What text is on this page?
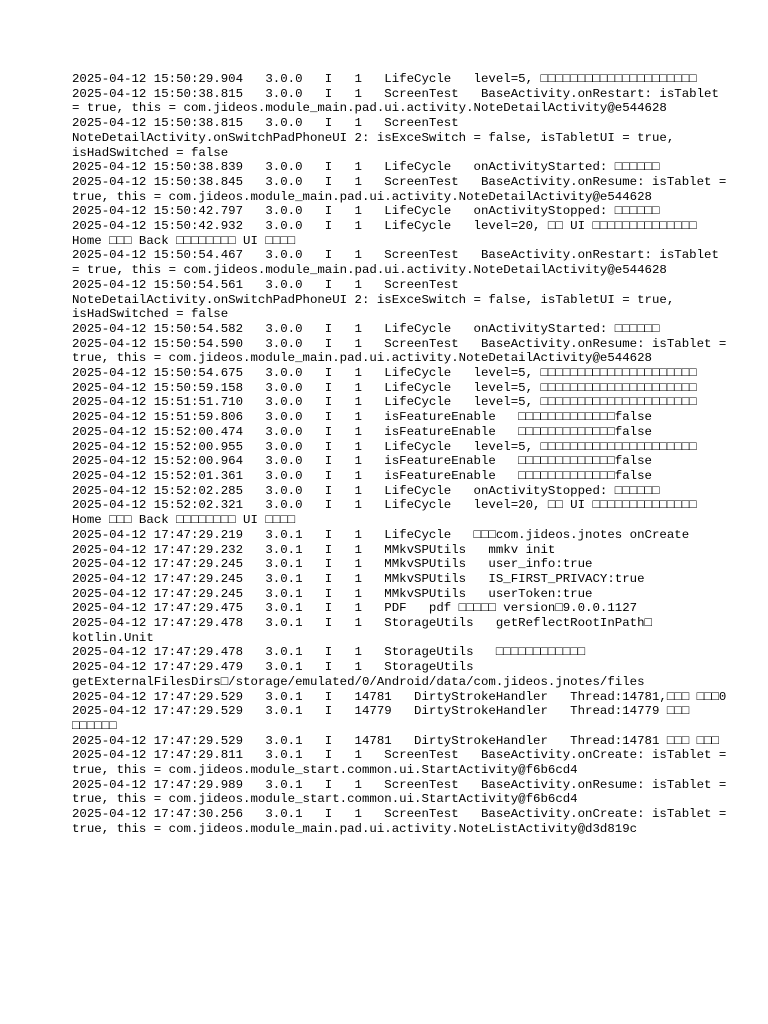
2025-04-12 15:50:29.904   3.0.0   I   1   LifeCycle   level=5, □□□□□□□□□□□□□□□□□□□□□
2025-04-12 15:50:38.815   3.0.0   I   1   ScreenTest   BaseActivity.onRestart: isTablet = true, this = com.jideos.module_main.pad.ui.activity.NoteDetailActivity@e544628
2025-04-12 15:50:38.815   3.0.0   I   1   ScreenTest NoteDetailActivity.onSwitchPadPhoneUI 2: isExceSwitch = false, isTabletUI = true, isHadSwitched = false
2025-04-12 15:50:38.839   3.0.0   I   1   LifeCycle   onActivityStarted: □□□□□□
2025-04-12 15:50:38.845   3.0.0   I   1   ScreenTest   BaseActivity.onResume: isTablet = true, this = com.jideos.module_main.pad.ui.activity.NoteDetailActivity@e544628
2025-04-12 15:50:42.797   3.0.0   I   1   LifeCycle   onActivityStopped: □□□□□□
2025-04-12 15:50:42.932   3.0.0   I   1   LifeCycle   level=20, □□ UI □□□□□□□□□□□□□□ Home □□□ Back □□□□□□□□ UI □□□□
2025-04-12 15:50:54.467   3.0.0   I   1   ScreenTest   BaseActivity.onRestart: isTablet = true, this = com.jideos.module_main.pad.ui.activity.NoteDetailActivity@e544628
2025-04-12 15:50:54.561   3.0.0   I   1   ScreenTest NoteDetailActivity.onSwitchPadPhoneUI 2: isExceSwitch = false, isTabletUI = true, isHadSwitched = false
2025-04-12 15:50:54.582   3.0.0   I   1   LifeCycle   onActivityStarted: □□□□□□
2025-04-12 15:50:54.590   3.0.0   I   1   ScreenTest   BaseActivity.onResume: isTablet = true, this = com.jideos.module_main.pad.ui.activity.NoteDetailActivity@e544628
2025-04-12 15:50:54.675   3.0.0   I   1   LifeCycle   level=5, □□□□□□□□□□□□□□□□□□□□□
2025-04-12 15:50:59.158   3.0.0   I   1   LifeCycle   level=5, □□□□□□□□□□□□□□□□□□□□□
2025-04-12 15:51:51.710   3.0.0   I   1   LifeCycle   level=5, □□□□□□□□□□□□□□□□□□□□□
2025-04-12 15:51:59.806   3.0.0   I   1   isFeatureEnable   □□□□□□□□□□□□□false
2025-04-12 15:52:00.474   3.0.0   I   1   isFeatureEnable   □□□□□□□□□□□□□false
2025-04-12 15:52:00.955   3.0.0   I   1   LifeCycle   level=5, □□□□□□□□□□□□□□□□□□□□□
2025-04-12 15:52:00.964   3.0.0   I   1   isFeatureEnable   □□□□□□□□□□□□□false
2025-04-12 15:52:01.361   3.0.0   I   1   isFeatureEnable   □□□□□□□□□□□□□false
2025-04-12 15:52:02.285   3.0.0   I   1   LifeCycle   onActivityStopped: □□□□□□
2025-04-12 15:52:02.321   3.0.0   I   1   LifeCycle   level=20, □□ UI □□□□□□□□□□□□□□ Home □□□ Back □□□□□□□□ UI □□□□
2025-04-12 17:47:29.219   3.0.1   I   1   LifeCycle   □□□com.jideos.jnotes onCreate
2025-04-12 17:47:29.232   3.0.1   I   1   MMkvSPUtils   mmkv init
2025-04-12 17:47:29.245   3.0.1   I   1   MMkvSPUtils   user_info:true
2025-04-12 17:47:29.245   3.0.1   I   1   MMkvSPUtils   IS_FIRST_PRIVACY:true
2025-04-12 17:47:29.245   3.0.1   I   1   MMkvSPUtils   userToken:true
2025-04-12 17:47:29.475   3.0.1   I   1   PDF   pdf □□□□□ version□9.0.0.1127
2025-04-12 17:47:29.478   3.0.1   I   1   StorageUtils   getReflectRootInPath□ kotlin.Unit
2025-04-12 17:47:29.478   3.0.1   I   1   StorageUtils   □□□□□□□□□□□□
2025-04-12 17:47:29.479   3.0.1   I   1   StorageUtils getExternalFilesDirs□/storage/emulated/0/Android/data/com.jideos.jnotes/files
2025-04-12 17:47:29.529   3.0.1   I   14781   DirtyStrokeHandler   Thread:14781,□□□ □□□0
2025-04-12 17:47:29.529   3.0.1   I   14779   DirtyStrokeHandler   Thread:14779 □□□ □□□□□□
2025-04-12 17:47:29.529   3.0.1   I   14781   DirtyStrokeHandler   Thread:14781 □□□ □□□
2025-04-12 17:47:29.811   3.0.1   I   1   ScreenTest   BaseActivity.onCreate: isTablet = true, this = com.jideos.module_start.common.ui.StartActivity@f6b6cd4
2025-04-12 17:47:29.989   3.0.1   I   1   ScreenTest   BaseActivity.onResume: isTablet = true, this = com.jideos.module_start.common.ui.StartActivity@f6b6cd4
2025-04-12 17:47:30.256   3.0.1   I   1   ScreenTest   BaseActivity.onCreate: isTablet = true, this = com.jideos.module_main.pad.ui.activity.NoteListActivity@d3d819c
